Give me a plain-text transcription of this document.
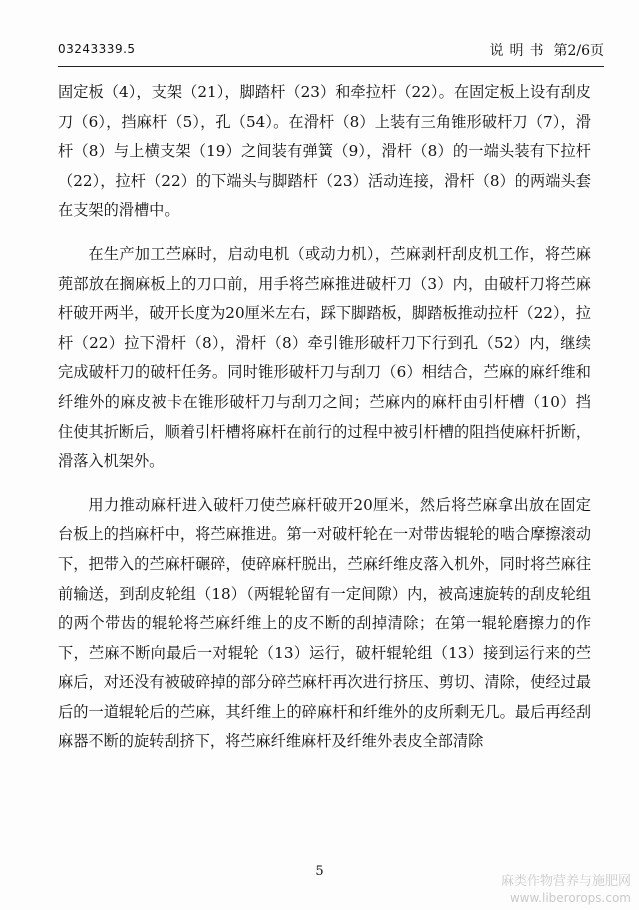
03243339.5	说明书 第2/6页

固定板（4），支架（21），脚踏杆（23）和牵拉杆（22）。在固定板上设有刮皮刀（6），挡麻杆（5），孔（54）。在滑杆（8）上装有三角锥形破杆刀（7），滑杆（8）与上横支架（19）之间装有弹簧（9），滑杆（8）的一端头装有下拉杆（22），拉杆（22）的下端头与脚踏杆（23）活动连接，滑杆（8）的两端头套在支架的滑槽中。

在生产加工苎麻时，启动电机（或动力机），苎麻剥杆刮皮机工作，将苎麻蔸部放在搁麻板上的刀口前，用手将苎麻推进破杆刀（3）内，由破杆刀将苎麻杆破开两半，破开长度为20厘米左右，踩下脚踏板，脚踏板推动拉杆（22），拉杆（22）拉下滑杆（8），滑杆（8）牵引锥形破杆刀下行到孔（52）内，继续完成破杆刀的破杆任务。同时锥形破杆刀与刮刀（6）相结合，苎麻的麻纤维和纤维外的麻皮被卡在锥形破杆刀与刮刀之间；苎麻内的麻杆由引杆槽（10）挡住使其折断后，顺着引杆槽将麻杆在前行的过程中被引杆槽的阻挡使麻杆折断，滑落入机架外。

用力推动麻杆进入破杆刀使苎麻杆破开20厘米，然后将苎麻拿出放在固定台板上的挡麻杆中，将苎麻推进。第一对破杆轮在一对带齿辊轮的啮合摩擦滚动下，把带入的苎麻杆碾碎，使碎麻杆脱出，苎麻纤维皮落入机外，同时将苎麻往前输送，到刮皮轮组（18）（两辊轮留有一定间隙）内，被高速旋转的刮皮轮组的两个带齿的辊轮将苎麻纤维上的皮不断的刮掉清除；在第一辊轮磨擦力的作下，苎麻不断向最后一对辊轮（13）运行，破杆辊轮组（13）接到运行来的苎麻后，对还没有被破碎掉的部分碎苎麻杆再次进行挤压、剪切、清除，使经过最后的一道辊轮后的苎麻，其纤维上的碎麻杆和纤维外的皮所剩无几。最后再经刮麻器不断的旋转刮挤下，将苎麻纤维麻杆及纤维外表皮全部清除

5
麻类作物营养与施肥网
www.liberorops.com
